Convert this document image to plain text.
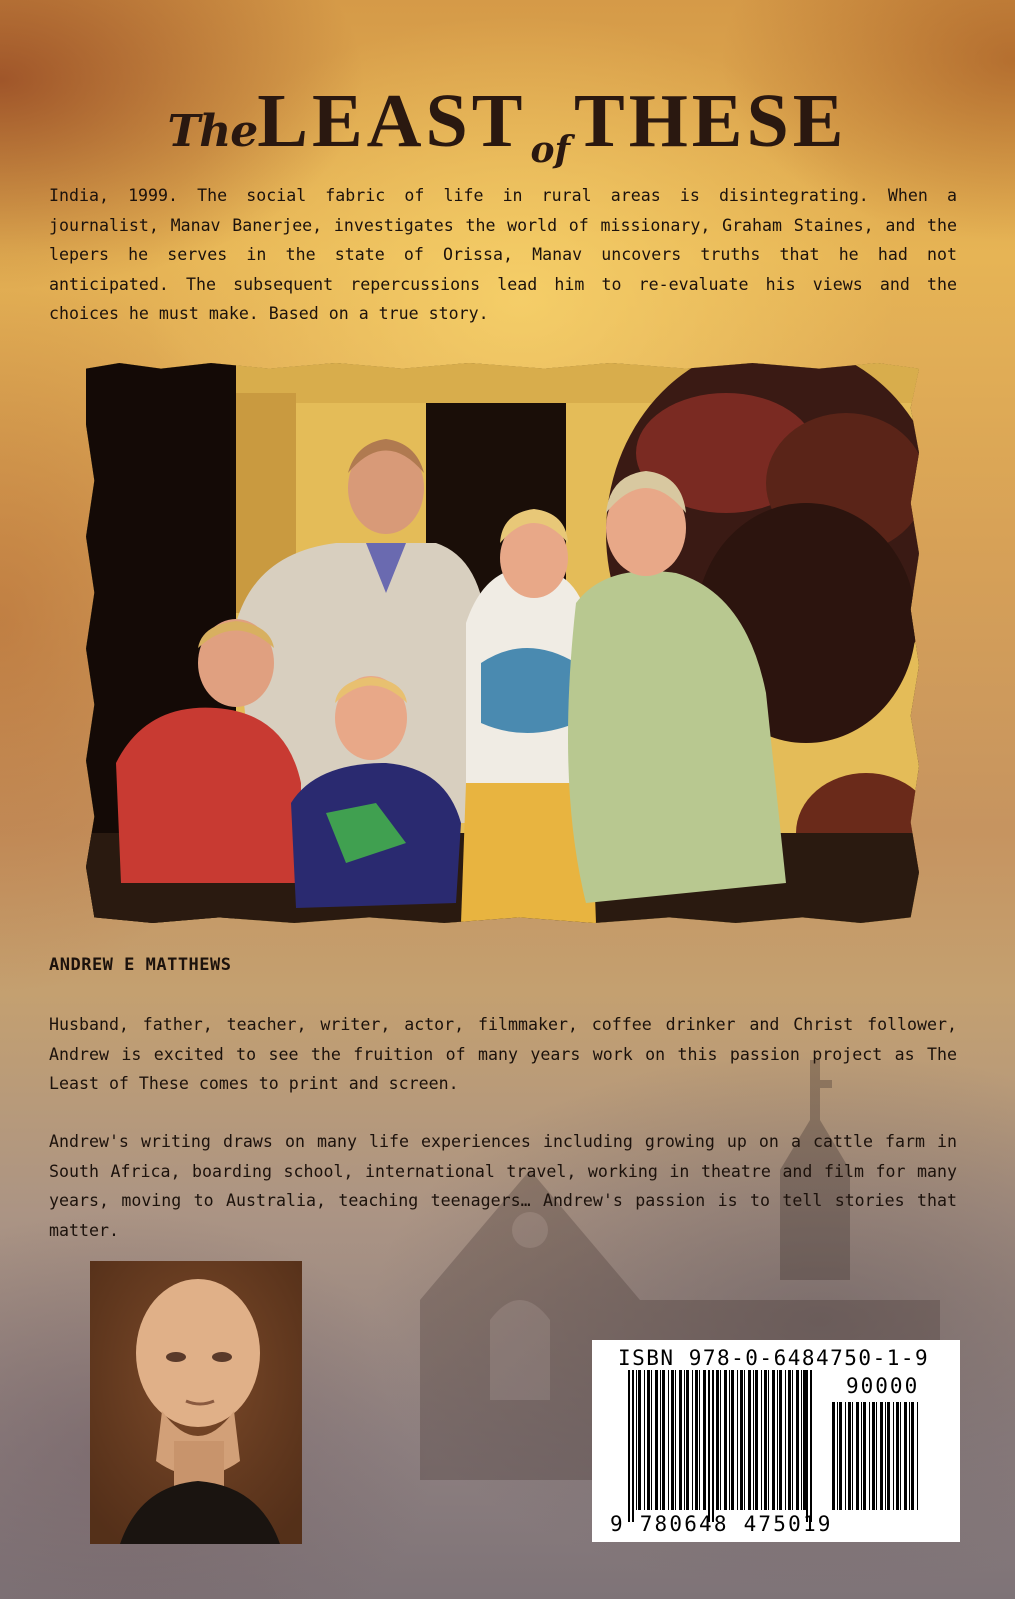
TheLEAST ofTHESE

India, 1999. The social fabric of life in rural areas is disintegrating. When a journalist, Manav Banerjee, investigates the world of missionary, Graham Staines, and the lepers he serves in the state of Orissa, Manav uncovers truths that he had not anticipated. The subsequent repercussions lead him to re-evaluate his views and the choices he must make. Based on a true story.

ANDREW E MATTHEWS

Husband, father, teacher, writer, actor, filmmaker, coffee drinker and Christ follower, Andrew is excited to see the fruition of many years work on this passion project as The Least of These comes to print and screen.

Andrew's writing draws on many life experiences including growing up on a cattle farm in South Africa, boarding school, international travel, working in theatre and film for many years, moving to Australia, teaching teenagers… Andrew's passion is to tell stories that matter.

ISBN 978-0-6484750-1-9

90000

9 780648 475019
